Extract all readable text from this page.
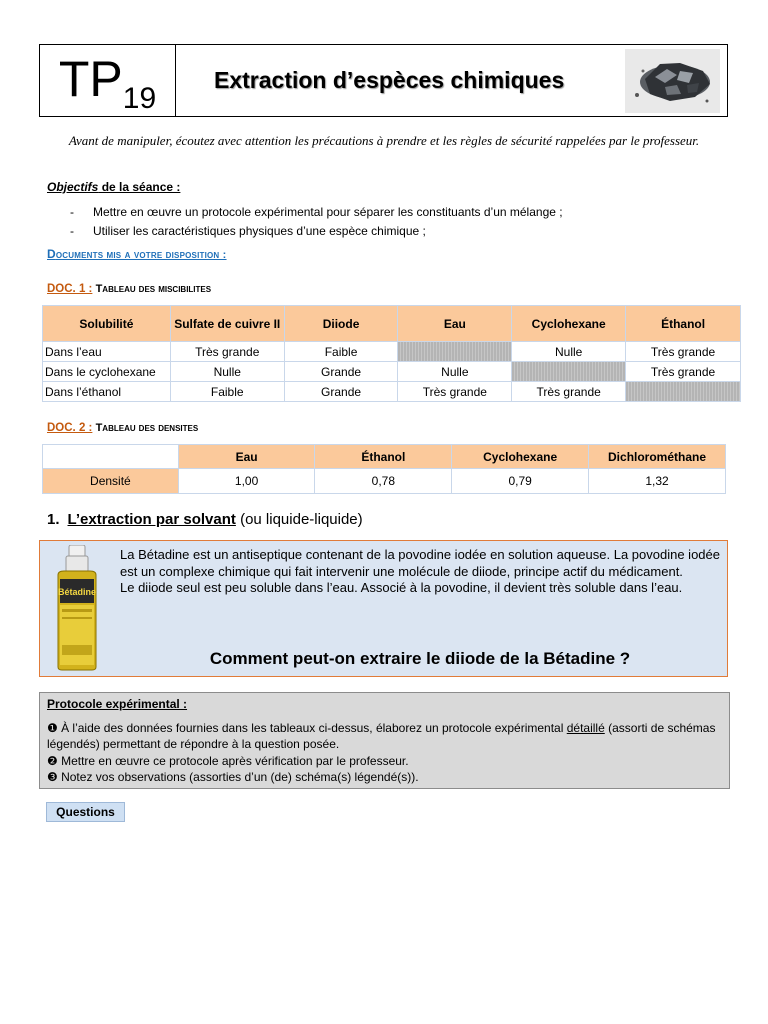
TP 19
Extraction d’espèces chimiques
Avant de manipuler, écoutez avec attention les précautions à prendre et les règles de sécurité rappelées par le professeur.
Objectifs de la séance :
-	Mettre en œuvre un protocole expérimental pour séparer les constituants d’un mélange ;
-	Utiliser les caractéristiques physiques d’une espèce chimique ;
Documents mis a votre disposition :
DOC. 1 : Tableau des miscibilites
Solubilité	Sulfate de cuivre II	Diiode	Eau	Cyclohexane	Éthanol
Dans l’eau	Très grande	Faible		Nulle	Très grande
Dans le cyclohexane	Nulle	Grande	Nulle		Très grande
Dans l’éthanol	Faible	Grande	Très grande	Très grande	
DOC. 2 : Tableau des densites
	Eau	Éthanol	Cyclohexane	Dichlorométhane
Densité	1,00	0,78	0,79	1,32
1. L’extraction par solvant (ou liquide-liquide)
Bétadine
La Bétadine est un antiseptique contenant de la povodine iodée en solution aqueuse. La povodine iodée est un complexe chimique qui fait intervenir une molécule de diiode, principe actif du médicament.
Le diiode seul est peu soluble dans l’eau. Associé à la povodine, il devient très soluble dans l’eau.
Comment peut-on extraire le diiode de la Bétadine ?
Protocole expérimental :
❶ À l’aide des données fournies dans les tableaux ci-dessus, élaborez un protocole expérimental détaillé (assorti de schémas légendés) permettant de répondre à la question posée.
❷ Mettre en œuvre ce protocole après vérification par le professeur.
❸ Notez vos observations (assorties d’un (de) schéma(s) légendé(s)).
Questions
